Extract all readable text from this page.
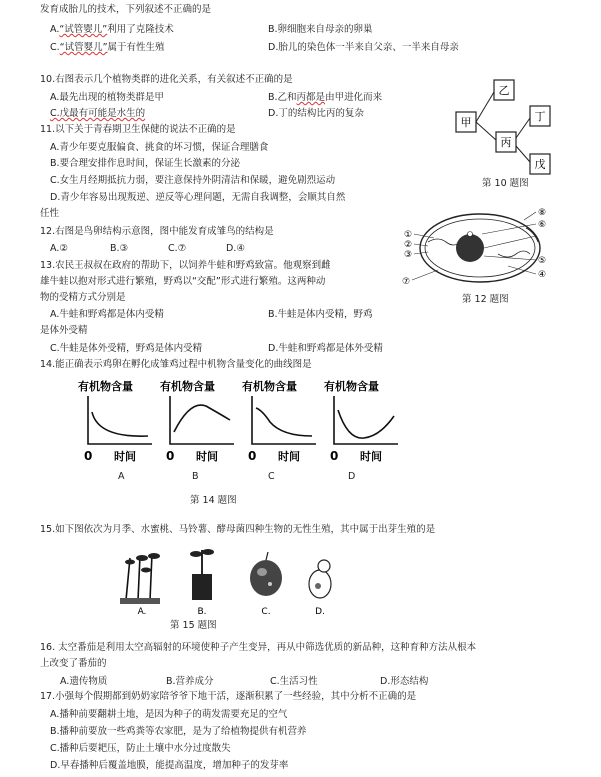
发育成胎儿的技术，下列叙述不正确的是
A.“试管婴儿”利用了克隆技术	B.卵细胞来自母亲的卵巢
C.“试管婴儿”属于有性生殖	D.胎儿的染色体一半来自父亲、一半来自母亲
10.右图表示几个植物类群的进化关系，有关叙述不正确的是
A.最先出现的植物类群是甲	B.乙和丙都是由甲进化而来
C.戊最有可能是水生的	D.丁的结构比丙的复杂
乙
甲	丁
丙
戊
第 10 题图
11.以下关于青春期卫生保健的说法不正确的是
A.青少年要克服偏食、挑食的坏习惯，保证合理膳食
B.要合理安排作息时间，保证生长激素的分泌
C.女生月经期抵抗力弱，要注意保持外阴清洁和保暖，避免剧烈运动
D.青少年容易出现叛逆、逆反等心理问题，无需自我调整，会顺其自然
任性
12.右图是鸟卵结构示意图，图中能发育成雏鸟的结构是
A.②	B.③	C.⑦	D.④
①
②
③
⑦
⑧
⑥
⑤
④
第 12 题图
13.农民王叔叔在政府的帮助下，以饲养牛蛙和野鸡致富。他观察到雌
雄牛蛙以抱对形式进行繁殖，野鸡以“交配”形式进行繁殖。这两种动
物的受精方式分别是
A.牛蛙和野鸡都是体内受精	B.牛蛙是体内受精，野鸡
是体外受精
C.牛蛙是体外受精，野鸡是体内受精	D.牛蛙和野鸡都是体外受精
14.能正确表示鸡卵在孵化成雏鸡过程中机物含量变化的曲线图是
有机物含量
0 时间
有机物含量
0 时间
有机物含量
0 时间
有机物含量
0 时间
A	B	C	D
第 14 题图
15.如下图依次为月季、水蜜桃、马铃薯、酵母菌四种生物的无性生殖，其中属于出芽生殖的是
A.	B.	C.	D.
第 15 题图
16. 太空番茄是利用太空高辐射的环境使种子产生变异，再从中筛选优质的新品种，这种育种方法从根本
上改变了番茄的
A.遗传物质	B.营养成分	C.生活习性	D.形态结构
17.小强每个假期都到奶奶家陪爷爷下地干活，逐渐积累了一些经验，其中分析不正确的是
A.播种前要翻耕土地，是因为种子的萌发需要充足的空气
B.播种前要放一些鸡粪等农家肥，是为了给植物提供有机营养
C.播种后要耙压，防止土壤中水分过度散失
D.早春播种后覆盖地膜，能提高温度，增加种子的发芽率
